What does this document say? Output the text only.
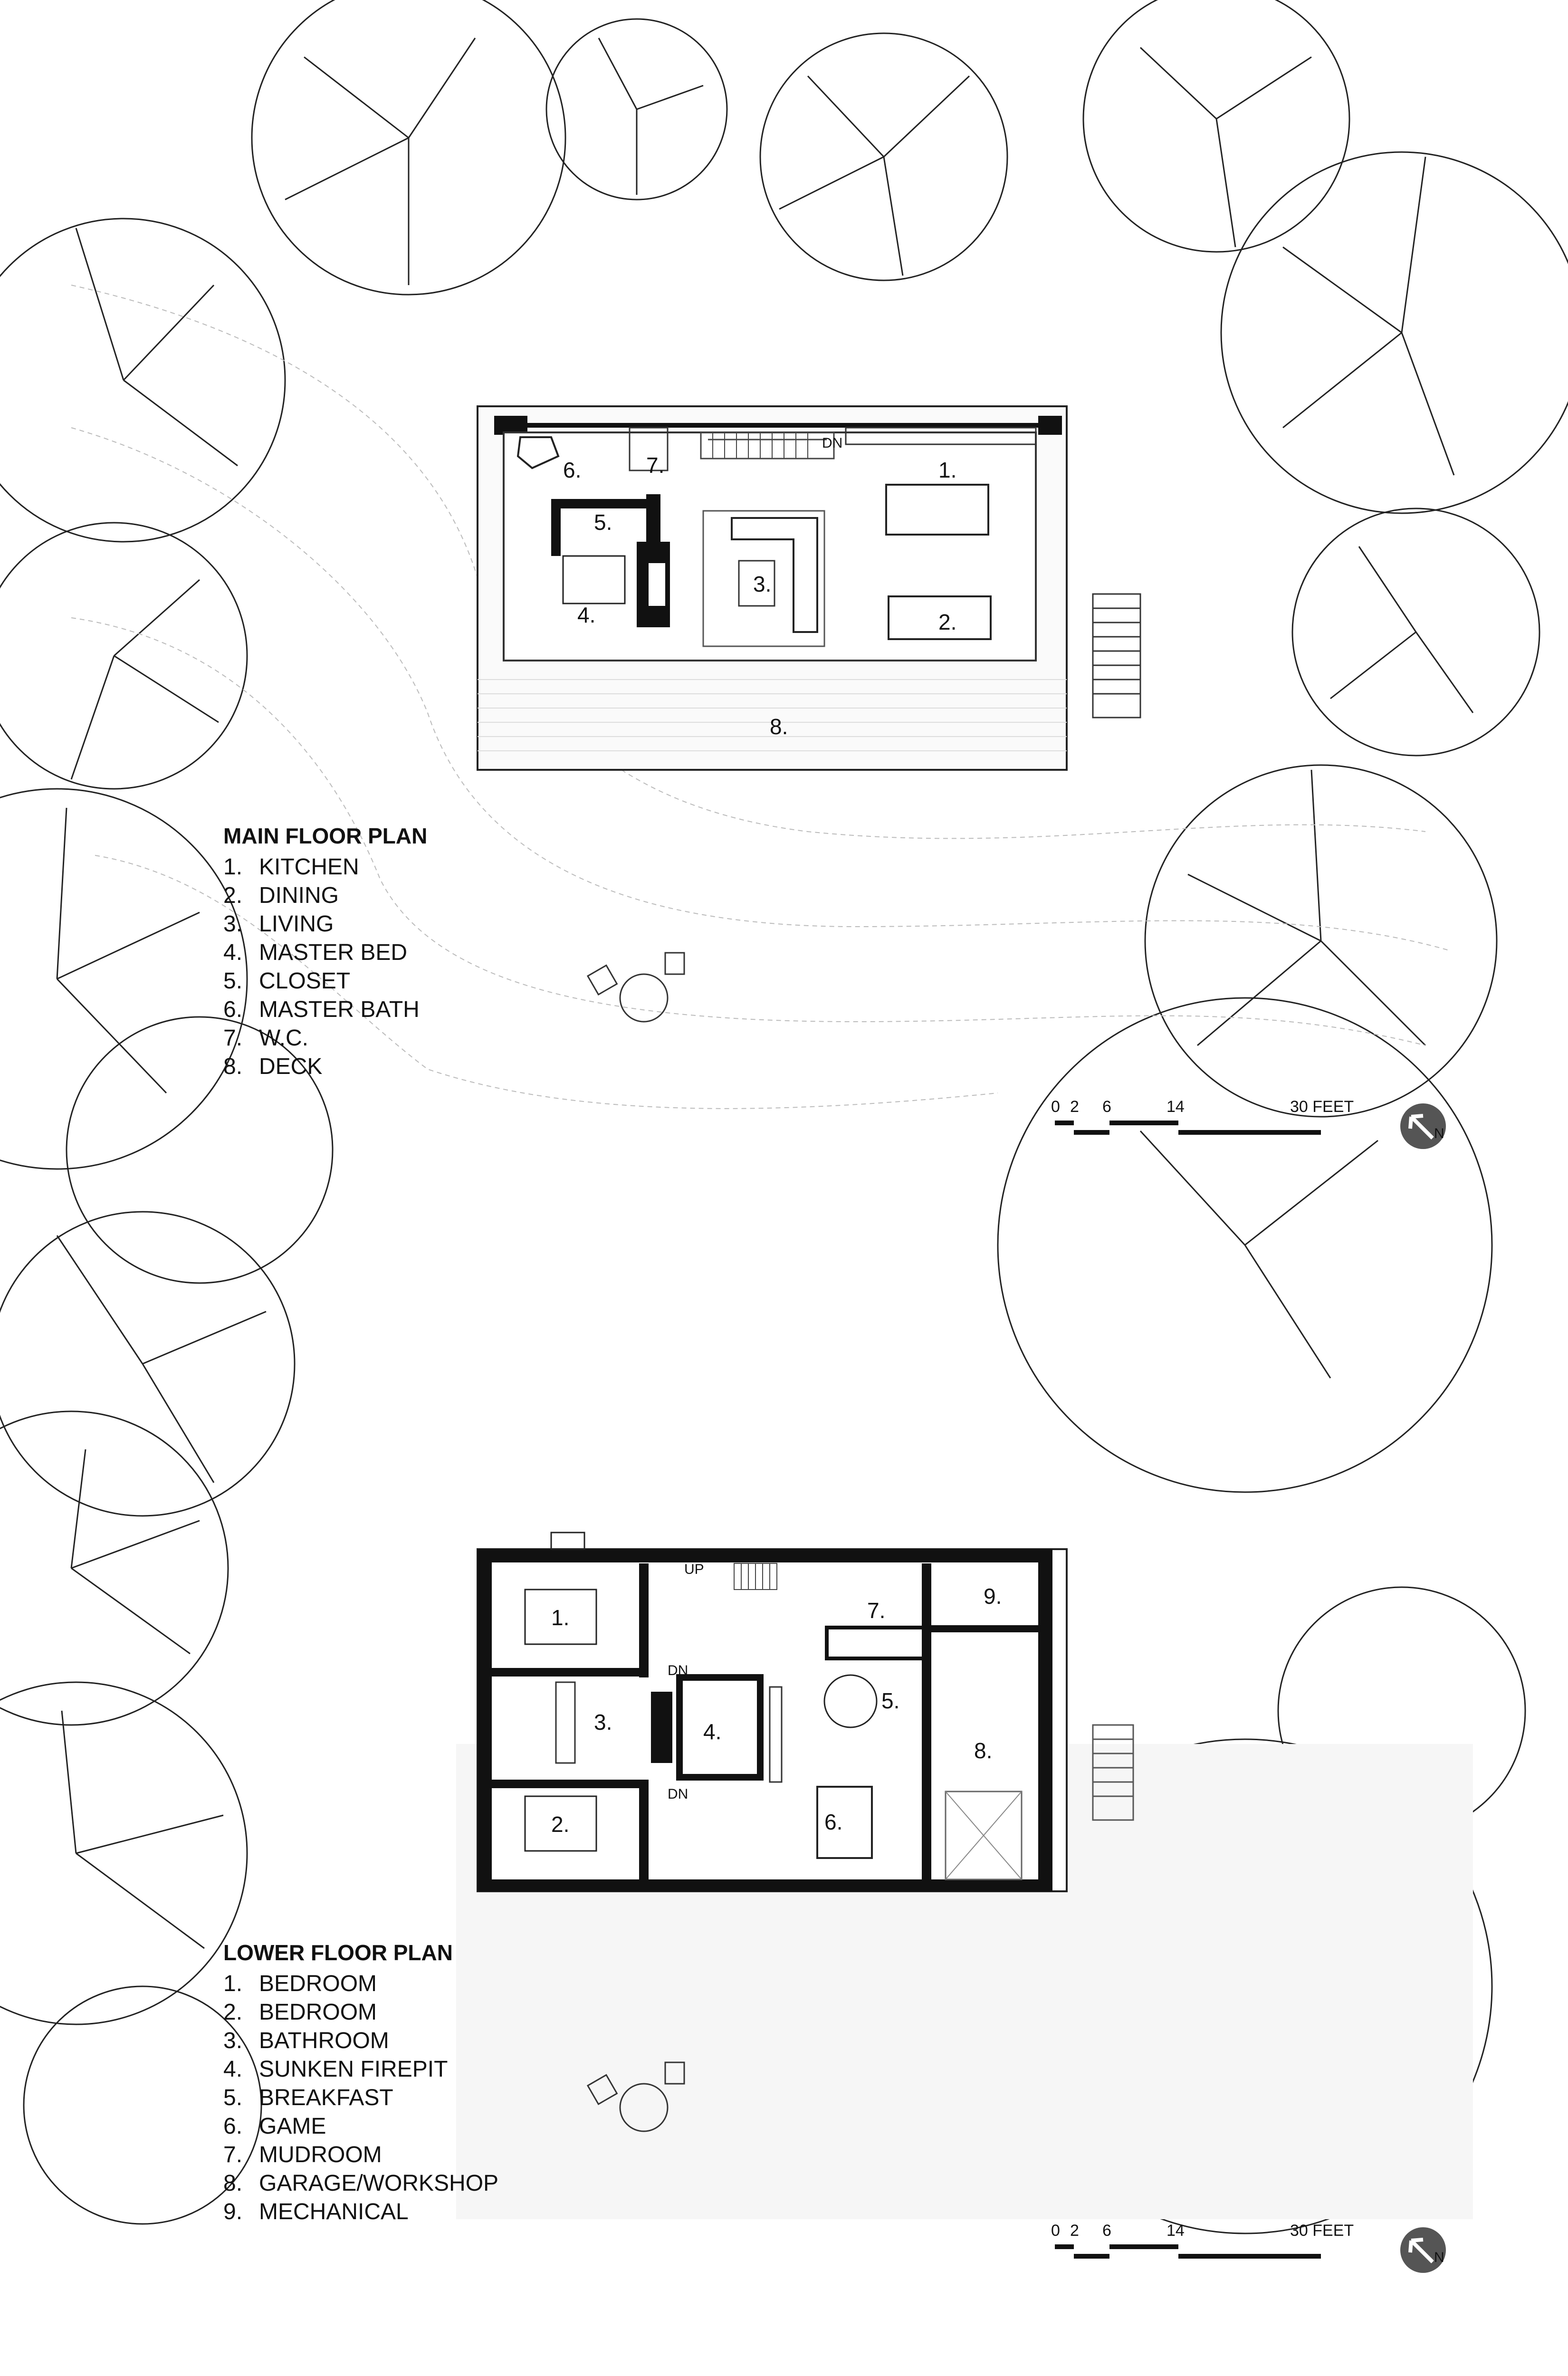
1.
2.
3.
4.
5.
6.	7.
8.
DN
MAIN FLOOR PLAN
1. KITCHEN
2. DINING
3. LIVING
4. MASTER BED
5. CLOSET
6. MASTER BATH
7. W.C.
8. DECK
0 2 6	14	30 FEET
N
1.
2.
3.	4.
5.
6.
7.
8.
9.
UP
DN
DN
LOWER FLOOR PLAN
1. BEDROOM
2. BEDROOM
3. BATHROOM
4. SUNKEN FIREPIT
5. BREAKFAST
6. GAME
7. MUDROOM
8. GARAGE/WORKSHOP
9. MECHANICAL
0 2 6	14	30 FEET
N
